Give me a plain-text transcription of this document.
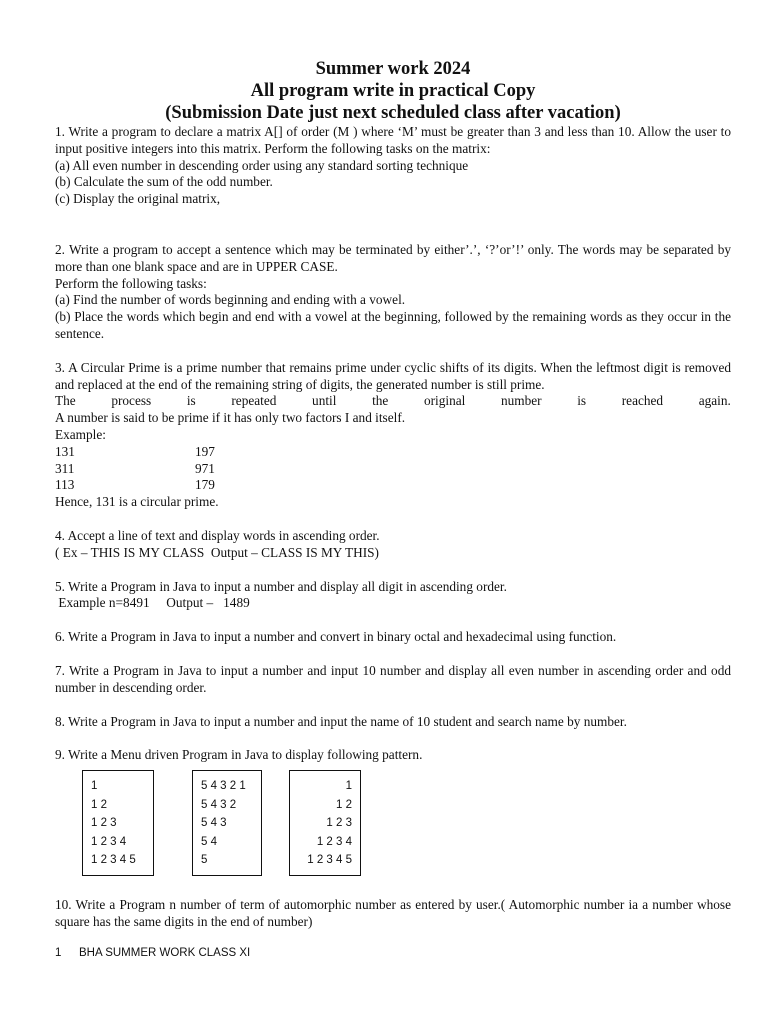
Summer work 2024
All program write in practical Copy
(Submission Date just next scheduled class after vacation)

1. Write a program to declare a matrix A[] of order (M ) where ‘M’ must be greater than 3 and less than 10. Allow the user to input positive integers into this matrix. Perform the following tasks on the matrix:

(a) All even number in descending order using any standard sorting technique

(b) Calculate the sum of the odd number.

(c) Display the original matrix,

2. Write a program to accept a sentence which may be terminated by either’.’, ‘?’or’!’ only. The words may be separated by more than one blank space and are in UPPER CASE.

Perform the following tasks:

(a) Find the number of words beginning and ending with a vowel.

(b) Place the words which begin and end with a vowel at the beginning, followed by the remaining words as they occur in the sentence.

3. A Circular Prime is a prime number that remains prime under cyclic shifts of its digits. When the leftmost digit is removed and replaced at the end of the remaining string of digits, the generated number is still prime.

The	process	is	repeated	until	the	original	number	is	reached	again.

A number is said to be prime if it has only two factors I and itself.

Example:

131	197
311	971
113	179

Hence, 131 is a circular prime.

4. Accept a line of text and display words in ascending order.

( Ex – THIS IS MY CLASS  Output – CLASS IS MY THIS)

5. Write a Program in Java to input a number and display all digit in ascending order.

Example n=8491     Output –   1489

6. Write a Program in Java to input a number and convert in binary octal and hexadecimal using function.

7. Write a Program in Java to input a number and input 10 number and display all even number in ascending order and odd number in descending order.

8. Write a Program in Java to input a number and input the name of 10 student and search name by number.

9. Write a Menu driven Program in Java to display following pattern.

1
1 2
1 2 3
1 2 3 4
1 2 3 4 5
5 4 3 2 1
5 4 3 2
5 4 3
5 4
5
1
1 2
1 2 3
1 2 3 4
1 2 3 4 5

10. Write a Program n number of term of automorphic number as entered by user.( Automorphic number ia a number whose square has the same digits in the end of number)

1 BHA SUMMER WORK CLASS XI
